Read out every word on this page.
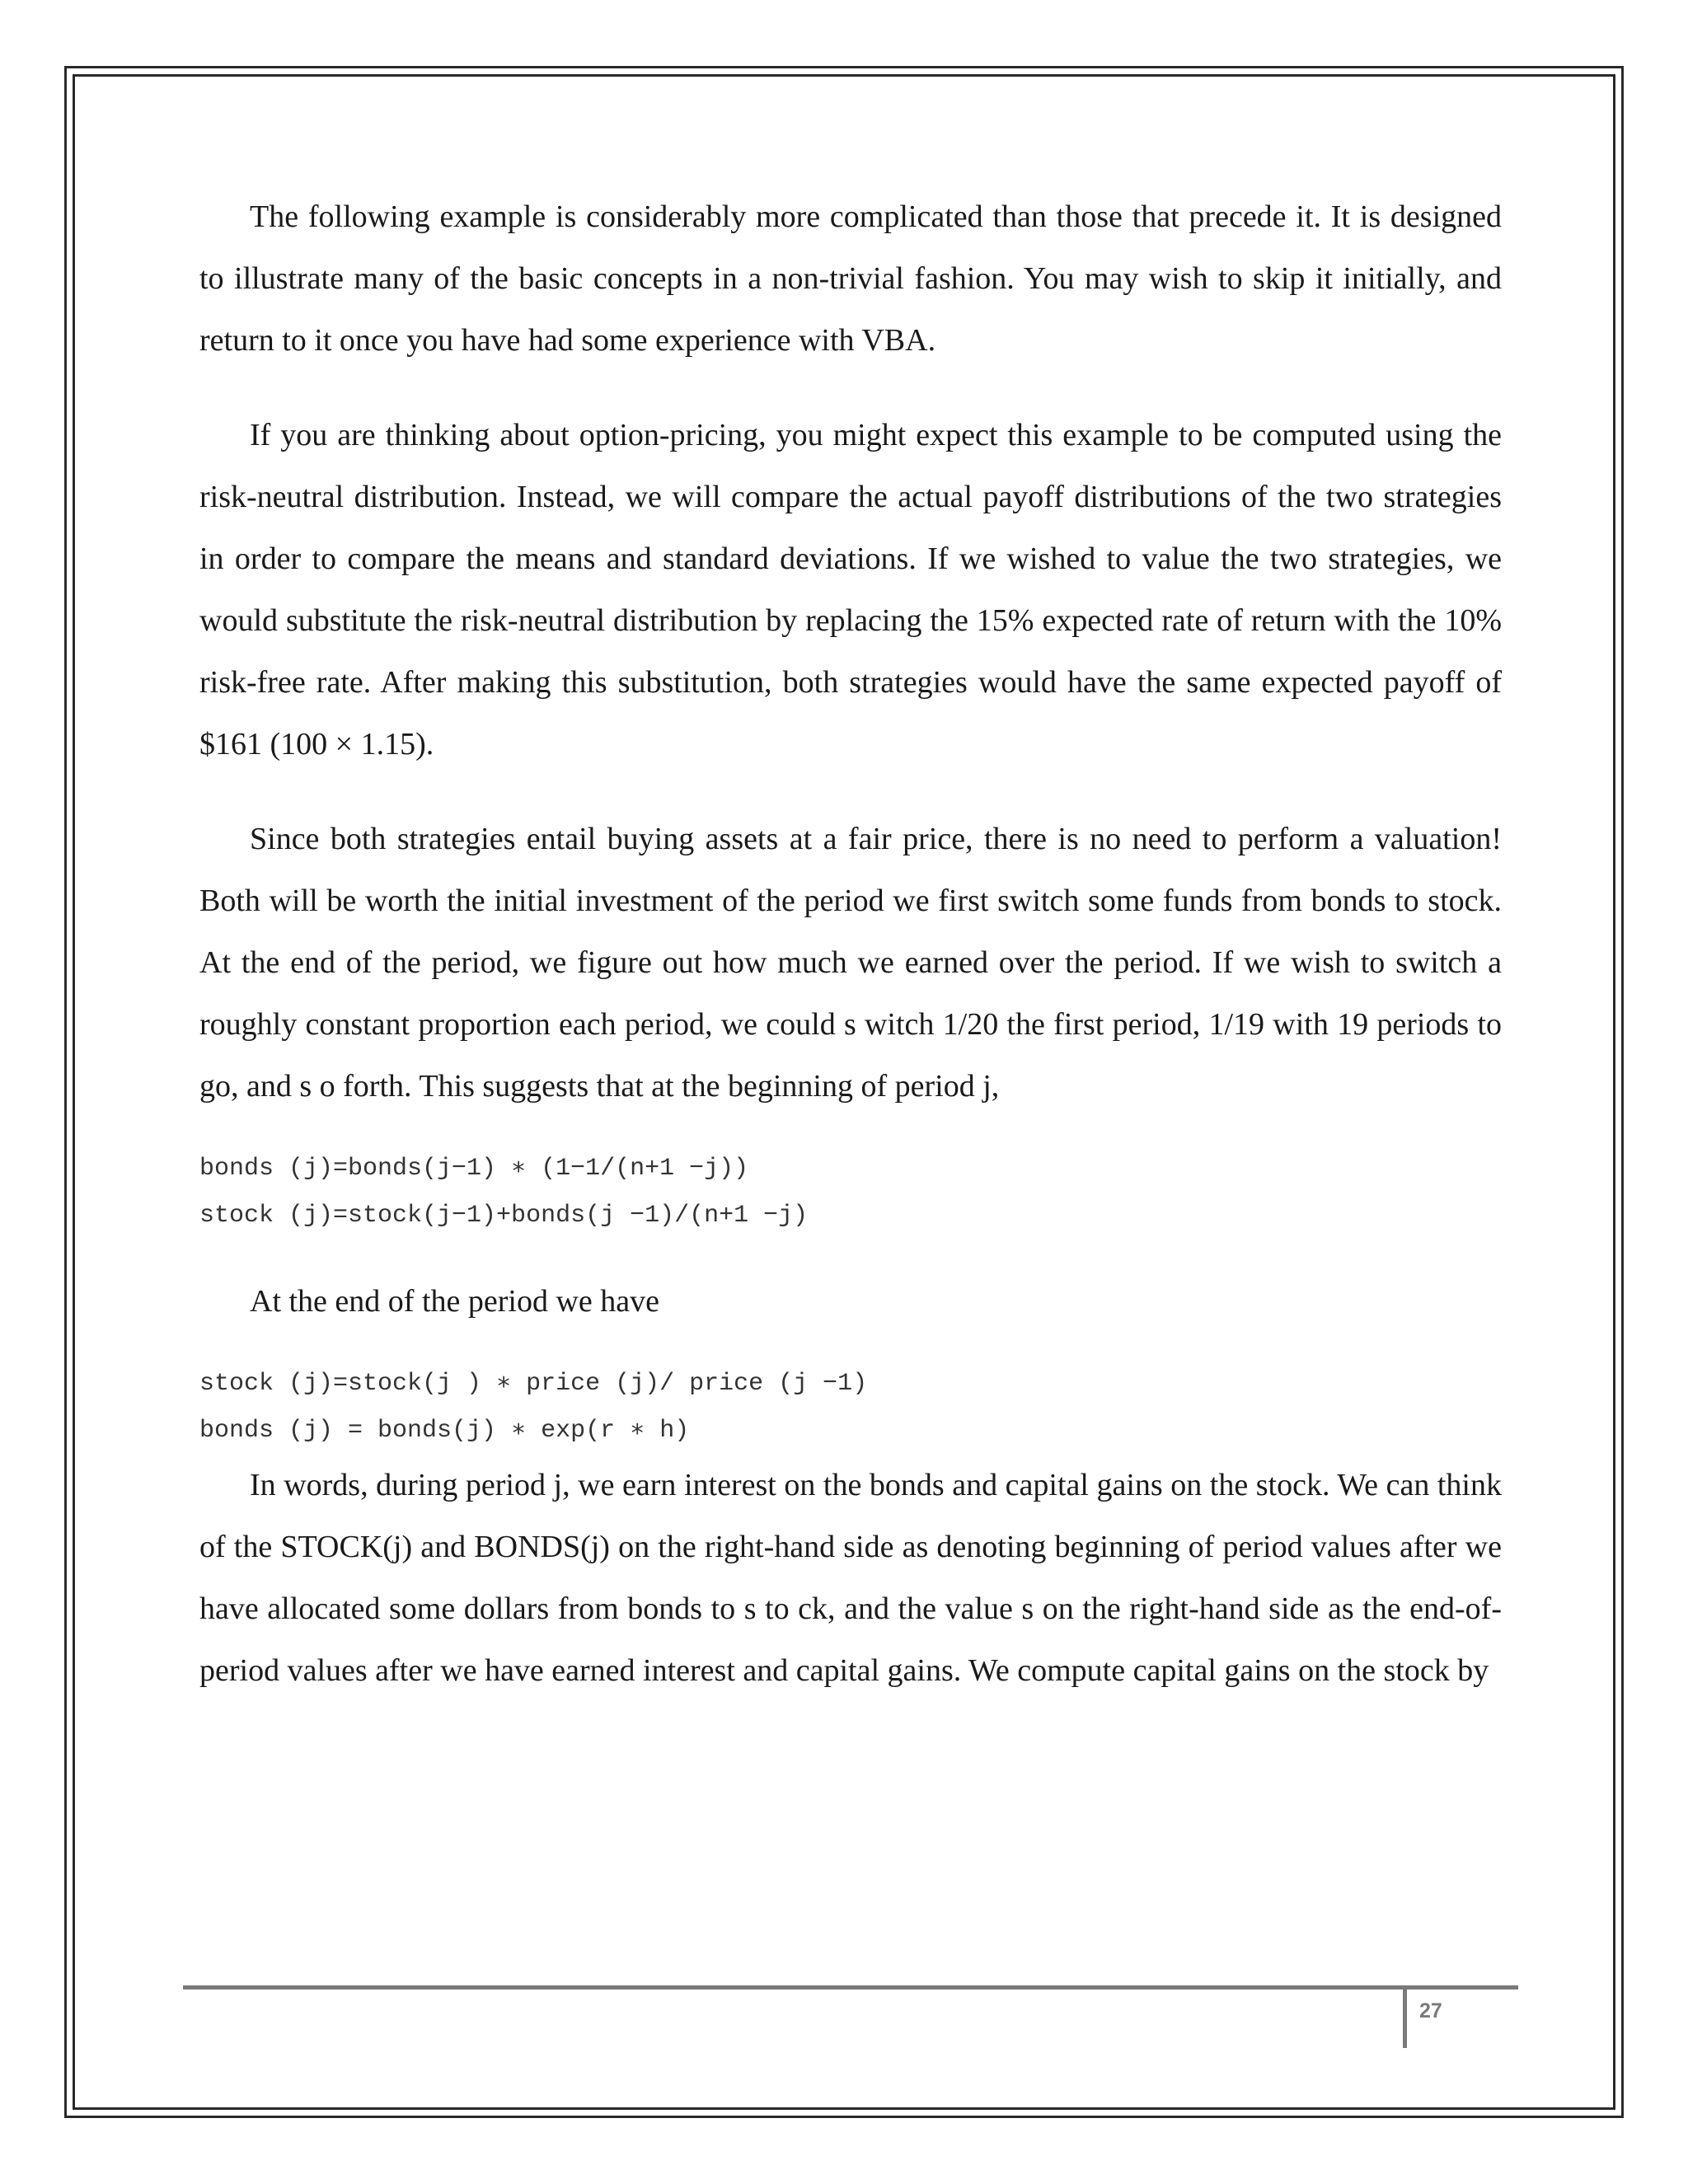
The following example is considerably more complicated than those that precede it. It is designed to illustrate many of the basic concepts in a non-trivial fashion. You may wish to skip it initially, and return to it once you have had some experience with VBA.

If you are thinking about option-pricing, you might expect this example to be computed using the risk-neutral distribution. Instead, we will compare the actual payoff distributions of the two strategies in order to compare the means and standard deviations. If we wished to value the two strategies, we would substitute the risk-neutral distribution by replacing the 15% expected rate of return with the 10% risk-free rate. After making this substitution, both strategies would have the same expected payoff of $161 (100 × 1.15).

Since both strategies entail buying assets at a fair price, there is no need to perform a valuation! Both will be worth the initial investment of the period we first switch some funds from bonds to stock. At the end of the period, we figure out how much we earned over the period. If we wish to switch a roughly constant proportion each period, we could s witch 1/20 the first period, 1/19 with 19 periods to go, and s o forth. This suggests that at the beginning of period j,

bonds (j)=bonds(j−1) ∗ (1−1/(n+1 −j))
stock (j)=stock(j−1)+bonds(j −1)/(n+1 −j)

At the end of the period we have

stock (j)=stock(j ) ∗ price (j)/ price (j −1)
bonds (j) = bonds(j) ∗ exp(r ∗ h)

In words, during period j, we earn interest on the bonds and capital gains on the stock. We can think of the STOCK(j) and BONDS(j) on the right-hand side as denoting beginning of period values after we have allocated some dollars from bonds to s to ck, and the value s on the right-hand side as the end-of-period values after we have earned interest and capital gains. We compute capital gains on the stock by

27
